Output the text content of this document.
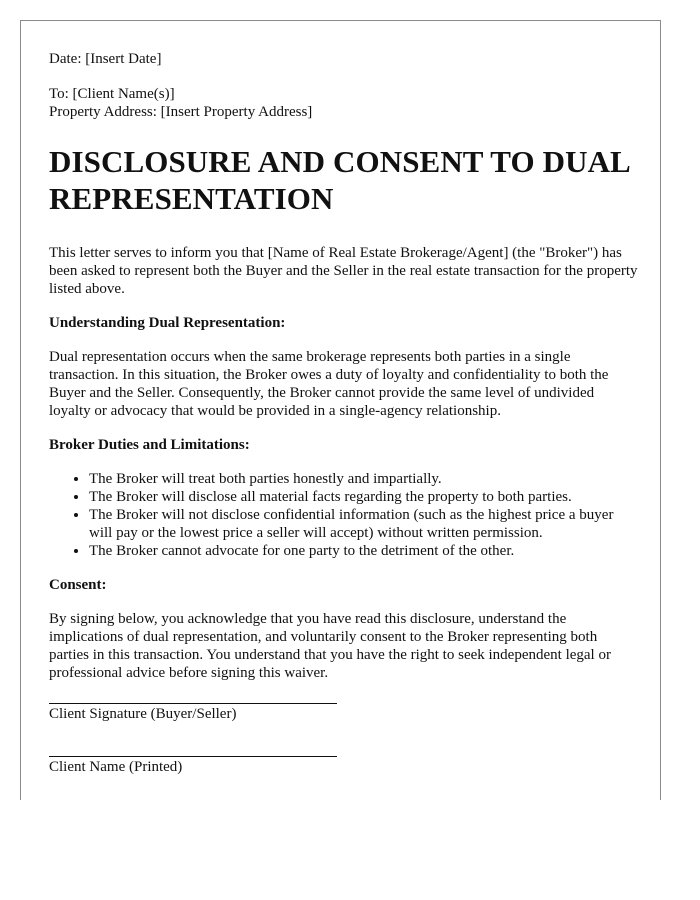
Date: [Insert Date]

To: [Client Name(s)]

Property Address: [Insert Property Address]

DISCLOSURE AND CONSENT TO DUAL REPRESENTATION

This letter serves to inform you that [Name of Real Estate Brokerage/Agent] (the "Broker") has been asked to represent both the Buyer and the Seller in the real estate transaction for the property listed above.

Understanding Dual Representation:

Dual representation occurs when the same brokerage represents both parties in a single transaction. In this situation, the Broker owes a duty of loyalty and confidentiality to both the Buyer and the Seller. Consequently, the Broker cannot provide the same level of undivided loyalty or advocacy that would be provided in a single-agency relationship.

Broker Duties and Limitations:
• The Broker will treat both parties honestly and impartially.
• The Broker will disclose all material facts regarding the property to both parties.
• The Broker will not disclose confidential information (such as the highest price a buyer will pay or the lowest price a seller will accept) without written permission.
• The Broker cannot advocate for one party to the detriment of the other.
Consent:

By signing below, you acknowledge that you have read this disclosure, understand the implications of dual representation, and voluntarily consent to the Broker representing both parties in this transaction. You understand that you have the right to seek independent legal or professional advice before signing this waiver.

Client Signature (Buyer/Seller)

Client Name (Printed)
